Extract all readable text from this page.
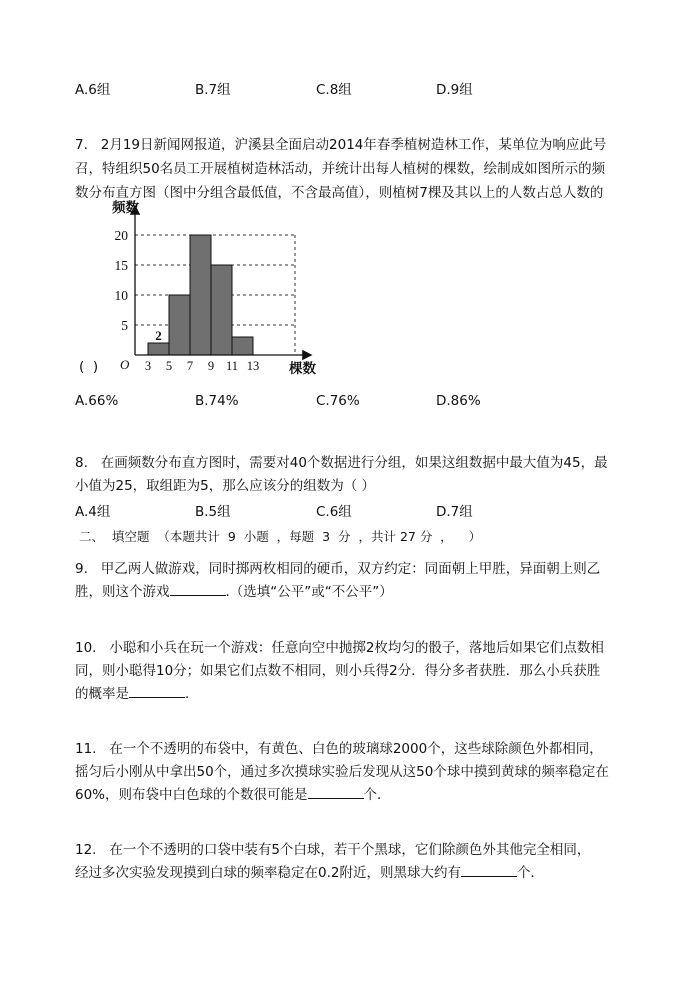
A.6组	B.7组	C.8组	D.9组
7.   2月19日新闻网报道，沪溪县全面启动2014年春季植树造林工作，某单位为响应此号
召，特组织50名员工开展植树造林活动，并统计出每人植树的棵数，绘制成如图所示的频
数分布直方图（图中分组含最低值，不含最高值），则植树7棵及其以上的人数占总人数的
频数
棵数
O
5
10
15
20
3 5 7 9 11 13
2
(  )
A.66%	B.74%	C.76%	D.86%
8.   在画频数分布直方图时，需要对40个数据进行分组，如果这组数据中最大值为45，最
小值为25，取组距为5，那么应该分的组数为（ ）
A.4组	B.5组	C.6组	D.7组
二、  填空题  （本题共计  9  小题  ，每题  3  分  ，共计 27 分  ，    ）
9.   甲乙两人做游戏，同时掷两枚相同的硬币，双方约定：同面朝上甲胜，异面朝上则乙
胜，则这个游戏	.（选填“公平”或“不公平”）
10.   小聪和小兵在玩一个游戏：任意向空中抛掷2枚均匀的骰子，落地后如果它们点数相
同，则小聪得10分；如果它们点数不相同，则小兵得2分．得分多者获胜．那么小兵获胜
的概率是	．
11.   在一个不透明的布袋中，有黄色、白色的玻璃球2000个，这些球除颜色外都相同，
摇匀后小刚从中拿出50个，通过多次摸球实验后发现从这50个球中摸到黄球的频率稳定在
60%，则布袋中白色球的个数很可能是	个．
12.   在一个不透明的口袋中装有5个白球，若干个黑球，它们除颜色外其他完全相同，
经过多次实验发现摸到白球的频率稳定在0.2附近，则黑球大约有	个．
